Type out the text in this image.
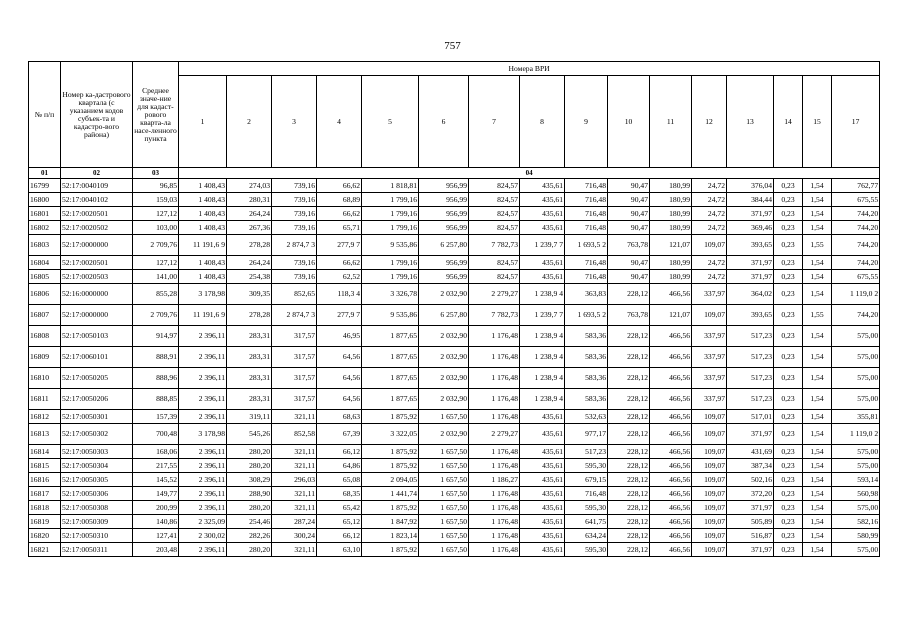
757
№ п/п	Номер ка-дастрового квартала (с указанием кодов субъек-та и кадастро-вого района)	Среднее значе-ние для кадаст-рового кварта-ла насе-ленного пункта	Номера ВРИ															
			1	2	3	4	5	6	7	8	9	10	11	12	13	14	15	17
01	02	03	04															
16799	52:17:0040109	96,85	1 408,43	274,03	739,16	66,62	1 818,81	956,99	824,57	435,61	716,48	90,47	180,99	24,72	376,04	0,23	1,54	762,77
16800	52:17:0040102	159,03	1 408,43	280,31	739,16	68,89	1 799,16	956,99	824,57	435,61	716,48	90,47	180,99	24,72	384,44	0,23	1,54	675,55
16801	52:17:0020501	127,12	1 408,43	264,24	739,16	66,62	1 799,16	956,99	824,57	435,61	716,48	90,47	180,99	24,72	371,97	0,23	1,54	744,20
16802	52:17:0020502	103,00	1 408,43	267,36	739,16	65,71	1 799,16	956,99	824,57	435,61	716,48	90,47	180,99	24,72	369,46	0,23	1,54	744,20
16803	52:17:0000000	2 709,76	11 191,6 9	278,28	2 874,7 3	277,9 7	9 535,86	6 257,80	7 782,73	1 239,7 7	1 693,5 2	763,78	121,07	109,07	393,65	0,23	1,55	744,20
16804	52:17:0020501	127,12	1 408,43	264,24	739,16	66,62	1 799,16	956,99	824,57	435,61	716,48	90,47	180,99	24,72	371,97	0,23	1,54	744,20
16805	52:17:0020503	141,00	1 408,43	254,38	739,16	62,52	1 799,16	956,99	824,57	435,61	716,48	90,47	180,99	24,72	371,97	0,23	1,54	675,55
16806	52:16:0000000	855,28	3 178,98	309,35	852,65	118,3 4	3 326,78	2 032,90	2 279,27	1 238,9 4	363,83	228,12	466,56	337,97	364,02	0,23	1,54	1 119,0 2
16807	52:17:0000000	2 709,76	11 191,6 9	278,28	2 874,7 3	277,9 7	9 535,86	6 257,80	7 782,73	1 239,7 7	1 693,5 2	763,78	121,07	109,07	393,65	0,23	1,55	744,20
16808	52:17:0050103	914,97	2 396,11	283,31	317,57	46,95	1 877,65	2 032,90	1 176,48	1 238,9 4	583,36	228,12	466,56	337,97	517,23	0,23	1,54	575,00
16809	52:17:0060101	888,91	2 396,11	283,31	317,57	64,56	1 877,65	2 032,90	1 176,48	1 238,9 4	583,36	228,12	466,56	337,97	517,23	0,23	1,54	575,00
16810	52:17:0050205	888,96	2 396,11	283,31	317,57	64,56	1 877,65	2 032,90	1 176,48	1 238,9 4	583,36	228,12	466,56	337,97	517,23	0,23	1,54	575,00
16811	52:17:0050206	888,85	2 396,11	283,31	317,57	64,56	1 877,65	2 032,90	1 176,48	1 238,9 4	583,36	228,12	466,56	337,97	517,23	0,23	1,54	575,00
16812	52:17:0050301	157,39	2 396,11	319,11	321,11	68,63	1 875,92	1 657,50	1 176,48	435,61	532,63	228,12	466,56	109,07	517,01	0,23	1,54	355,81
16813	52:17:0050302	700,48	3 178,98	545,26	852,58	67,39	3 322,05	2 032,90	2 279,27	435,61	977,17	228,12	466,56	109,07	371,97	0,23	1,54	1 119,0 2
16814	52:17:0050303	168,06	2 396,11	280,20	321,11	66,12	1 875,92	1 657,50	1 176,48	435,61	517,23	228,12	466,56	109,07	431,69	0,23	1,54	575,00
16815	52:17:0050304	217,55	2 396,11	280,20	321,11	64,86	1 875,92	1 657,50	1 176,48	435,61	595,30	228,12	466,56	109,07	387,34	0,23	1,54	575,00
16816	52:17:0050305	145,52	2 396,11	308,29	296,03	65,08	2 094,05	1 657,50	1 186,27	435,61	679,15	228,12	466,56	109,07	502,16	0,23	1,54	593,14
16817	52:17:0050306	149,77	2 396,11	288,90	321,11	68,35	1 441,74	1 657,50	1 176,48	435,61	716,48	228,12	466,56	109,07	372,20	0,23	1,54	560,98
16818	52:17:0050308	200,99	2 396,11	280,20	321,11	65,42	1 875,92	1 657,50	1 176,48	435,61	595,30	228,12	466,56	109,07	371,97	0,23	1,54	575,00
16819	52:17:0050309	140,86	2 325,09	254,46	287,24	65,12	1 847,92	1 657,50	1 176,48	435,61	641,75	228,12	466,56	109,07	505,89	0,23	1,54	582,16
16820	52:17:0050310	127,41	2 300,02	282,26	300,24	66,12	1 823,14	1 657,50	1 176,48	435,61	634,24	228,12	466,56	109,07	516,87	0,23	1,54	580,99
16821	52:17:0050311	203,48	2 396,11	280,20	321,11	63,10	1 875,92	1 657,50	1 176,48	435,61	595,30	228,12	466,56	109,07	371,97	0,23	1,54	575,00
